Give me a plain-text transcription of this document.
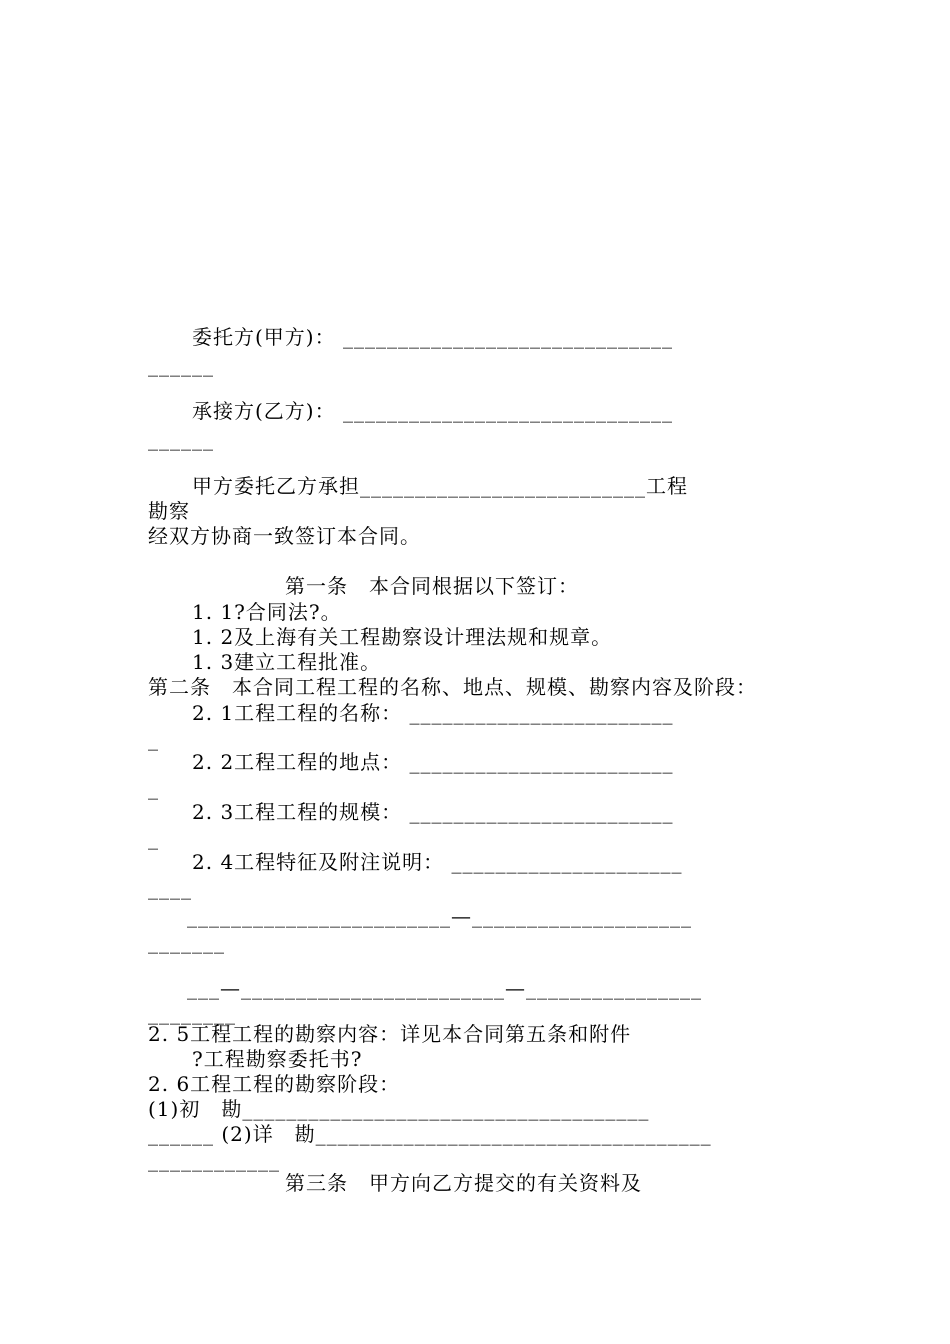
委托方(甲方)： ______________________________
______
承接方(乙方)： ______________________________
______
甲方委托乙方承担__________________________工程
勘察
经双方协商一致签订本合同。
第一条　本合同根据以下签订：
1. 1?合同法?。
1. 2及上海有关工程勘察设计理法规和规章。
1. 3建立工程批准。
第二条　本合同工程工程的名称、地点、规模、勘察内容及阶段：
2. 1工程工程的名称： ________________________
_
2. 2工程工程的地点： ________________________
_
2. 3工程工程的规模： ________________________
_
2. 4工程特征及附注说明： _____________________
____
________________________—____________________
_______
___—________________________—________________
________
2. 5工程工程的勘察内容：详见本合同第五条和附件
?工程勘察委托书?
2. 6工程工程的勘察阶段：
(1)初　勘_____________________________________
______ (2)详　勘____________________________________
____________
第三条　甲方向乙方提交的有关资料及
